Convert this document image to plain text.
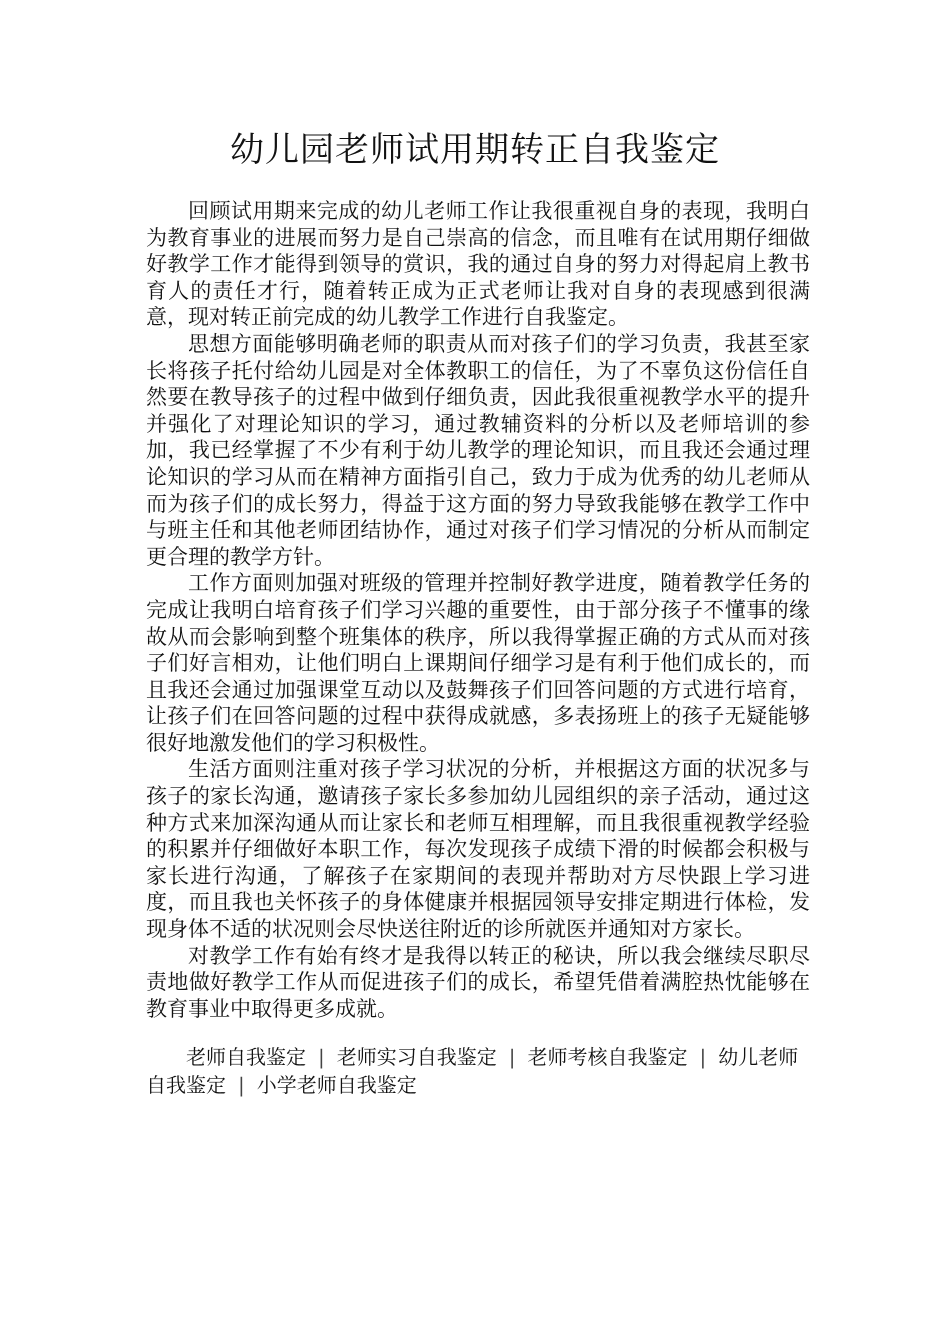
幼儿园老师试用期转正自我鉴定

回顾试用期来完成的幼儿老师工作让我很重视自身的表现，我明白为教育事业的进展而努力是自己崇高的信念，而且唯有在试用期仔细做好教学工作才能得到领导的赏识，我的通过自身的努力对得起肩上教书育人的责任才行，随着转正成为正式老师让我对自身的表现感到很满意，现对转正前完成的幼儿教学工作进行自我鉴定。

思想方面能够明确老师的职责从而对孩子们的学习负责，我甚至家长将孩子托付给幼儿园是对全体教职工的信任，为了不辜负这份信任自然要在教导孩子的过程中做到仔细负责，因此我很重视教学水平的提升并强化了对理论知识的学习，通过教辅资料的分析以及老师培训的参加，我已经掌握了不少有利于幼儿教学的理论知识，而且我还会通过理论知识的学习从而在精神方面指引自己，致力于成为优秀的幼儿老师从而为孩子们的成长努力，得益于这方面的努力导致我能够在教学工作中与班主任和其他老师团结协作，通过对孩子们学习情况的分析从而制定更合理的教学方针。

工作方面则加强对班级的管理并控制好教学进度，随着教学任务的完成让我明白培育孩子们学习兴趣的重要性，由于部分孩子不懂事的缘故从而会影响到整个班集体的秩序，所以我得掌握正确的方式从而对孩子们好言相劝，让他们明白上课期间仔细学习是有利于他们成长的，而且我还会通过加强课堂互动以及鼓舞孩子们回答问题的方式进行培育，让孩子们在回答问题的过程中获得成就感，多表扬班上的孩子无疑能够很好地激发他们的学习积极性。

生活方面则注重对孩子学习状况的分析，并根据这方面的状况多与孩子的家长沟通，邀请孩子家长多参加幼儿园组织的亲子活动，通过这种方式来加深沟通从而让家长和老师互相理解，而且我很重视教学经验的积累并仔细做好本职工作，每次发现孩子成绩下滑的时候都会积极与家长进行沟通，了解孩子在家期间的表现并帮助对方尽快跟上学习进度，而且我也关怀孩子的身体健康并根据园领导安排定期进行体检，发现身体不适的状况则会尽快送往附近的诊所就医并通知对方家长。

对教学工作有始有终才是我得以转正的秘诀，所以我会继续尽职尽责地做好教学工作从而促进孩子们的成长，希望凭借着满腔热忱能够在教育事业中取得更多成就。

老师自我鉴定 | 老师实习自我鉴定 | 老师考核自我鉴定 | 幼儿老师自我鉴定 | 小学老师自我鉴定
